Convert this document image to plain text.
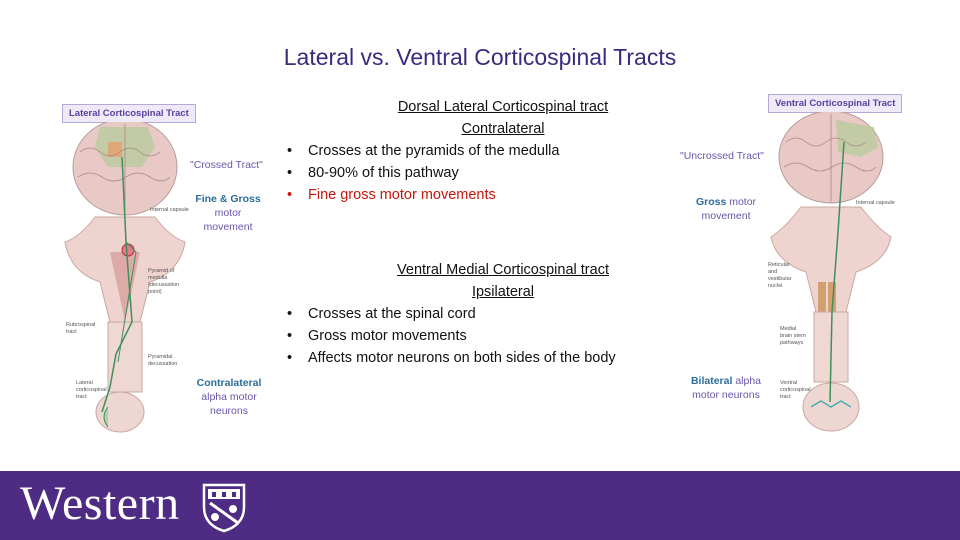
Lateral vs. Ventral Corticospinal Tracts
Lateral Corticospinal Tract
"Crossed Tract"
Fine & Gross
motor
movement
Contralateral
alpha motor
neurons
Internal capsule
Pyramid of medulla (decussation point)
Rubrospinal tract
Pyramidal decussation
Lateral corticospinal tract
Dorsal Lateral Corticospinal tract
Contralateral
• Crosses at the pyramids of the medulla
• 80-90% of this pathway
• Fine gross motor movements
Ventral Medial Corticospinal tract
Ipsilateral
• Crosses at the spinal cord
• Gross motor movements
• Affects motor neurons on both sides of the body
Ventral Corticospinal Tract
"Uncrossed Tract"
Gross motor
movement
Bilateral alpha
motor neurons
Internal capsule
Reticular and vestibular nuclei
Medial brain stem pathways
Ventral corticospinal tract
Western
